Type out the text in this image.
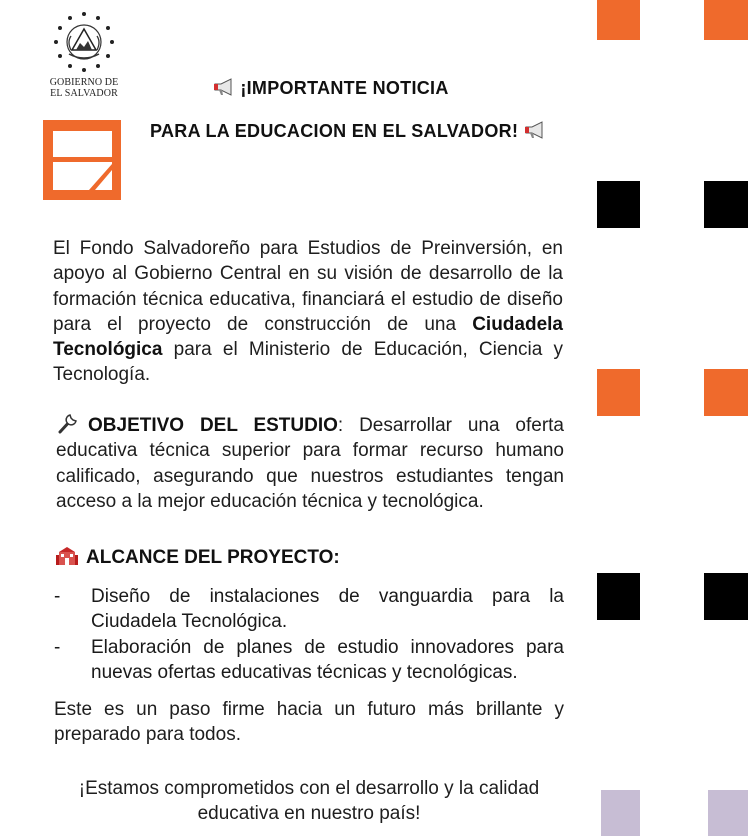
GOBIERNO DE
EL SALVADOR	¡IMPORTANTE NOTICIA
PARA LA EDUCACION EN EL SALVADOR!
El Fondo Salvadoreño para Estudios de Preinversión, en apoyo al Gobierno Central en su visión de desarrollo de la formación técnica educativa, financiará el estudio de diseño para el proyecto de construcción de una Ciudadela Tecnológica para el Ministerio de Educación, Ciencia y Tecnología.
OBJETIVO DEL ESTUDIO: Desarrollar una oferta educativa técnica superior para formar recurso humano calificado, asegurando que nuestros estudiantes tengan acceso a la mejor educación técnica y tecnológica.
ALCANCE DEL PROYECTO:
- Diseño de instalaciones de vanguardia para la Ciudadela Tecnológica.
- Elaboración de planes de estudio innovadores para nuevas ofertas educativas técnicas y tecnológicas.
Este es un paso firme hacia un futuro más brillante y preparado para todos.
¡Estamos comprometidos con el desarrollo y la calidad educativa en nuestro país!
